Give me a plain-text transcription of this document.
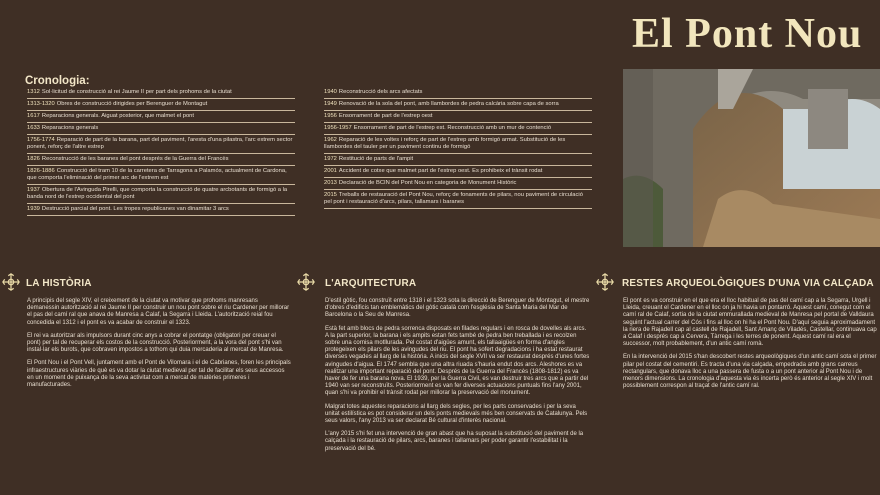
El Pont Nou
Cronologia:
1312 Sol·licitud de construcció al rei Jaume II per part dels prohoms de la ciutat
1313-1320 Obres de construcció dirigides per Berenguer de Montagut
1617 Reparacions generals. Aiguat posterior, que malmet el pont
1633 Reparacions generals
1756-1774 Reparació de part de la barana, part del paviment, l'aresta d'una pilastra, l'arc extrem sector ponent, reforç de l'altre estrep
1826 Reconstrucció de les baranes del pont després de la Guerra del Francès
1826-1886 Construcció del tram 10 de la carretera de Tarragona a Palamós, actualment de Cardona, que comporta l'eliminació del primer arc de l'extrem est
1937 Obertura de l'Avinguda Pirelli, que comporta la construcció de quatre arcbotants de formigó a la banda nord de l'estrep occidental del pont
1939 Destrucció parcial del pont. Les tropes republicanes van dinamitar 3 arcs
1940 Reconstrucció dels arcs afectats
1949 Renovació de la sola del pont, amb llambordes de pedra calcària sobre capa de sorra
1956 Ensorrament de part de l'estrep oest
1956-1957 Ensorrament de part de l'estrep est. Reconstrucció amb un mur de contenció
1962 Reparació de les voltes i reforç de part de l'estrep amb formigó armat. Substitució de les llambordes del tauler per un paviment continu de formigó
1972 Restitució de parts de l'ampit
2001 Accident de cotxe que malmet part de l'estrep oest. Es prohibeix el trànsit rodat
2013 Declaració de BCIN del Pont Nou en categoria de Monument Històric
2015 Treballs de restauració del Pont Nou, reforç de fonaments de pilars, nou paviment de circulació pel pont i restauració d'arcs, pilars, tallamars i baranes
LA HISTÒRIA

A principis del segle XIV, el creixement de la ciutat va motivar que prohoms manresans demanessin autorització al rei Jaume II per construir un nou pont sobre el riu Cardener per millorar el pas del camí ral que anava de Manresa a Calaf, la Segarra i Lleida. L'autorització reial fou concedida el 1312 i el pont es va acabar de construir el 1323.

El rei va autoritzar als impulsors durant cinc anys a cobrar el pontatge (obligatori per creuar el pont) per tal de recuperar els costos de la construcció. Posteriorment, a la vora del pont s'hi van instal·lar els burots, que cobraven impostos a tothom qui duia mercaderia al mercat de Manresa.

El Pont Nou i el Pont Vell, juntament amb el Pont de Vilomara i el de Cabrianes, foren les principals infraestructures viàries de què es va dotar la ciutat medieval per tal de facilitar els seus accessos en un moment de puixança de la seva activitat com a mercat de matèries primeres i manufacturades.

L'ARQUITECTURA

D'estil gòtic, fou construït entre 1318 i el 1323 sota la direcció de Berenguer de Montagut, el mestre d'obres d'edificis tan emblemàtics del gòtic català com l'església de Santa Maria del Mar de Barcelona o la Seu de Manresa.

Està fet amb blocs de pedra sorrenca disposats en filades regulars i en rosca de dovelles als arcs. A la part superior, la barana i els ampits estan fets també de pedra ben treballada i es recolzen sobre una cornisa motllurada. Pel costat d'aigües amunt, els tallaaigües en forma d'angles protegeixen els pilars de les avingudes del riu. El pont ha sofert degradacions i ha estat restaurat diverses vegades al llarg de la història. A inicis del segle XVII va ser restaurat després d'unes fortes avingudes d'aigua. El 1747 sembla que una altra riuada s'hauria endut dos arcs. Aleshores es va realitzar una important reparació del pont. Després de la Guerra del Francès (1808-1812) es va haver de fer una barana nova. El 1939, per la Guerra Civil, es van destruir tres arcs que a partir del 1940 van ser reconstruïts. Posteriorment es van fer diverses actuacions puntuals fins l'any 2001, quan s'hi va prohibir el trànsit rodat per millorar la preservació del monument.

Malgrat totes aquestes reparacions al llarg dels segles, per les parts conservades i per la seva unitat estilística es pot considerar un dels ponts medievals més ben conservats de Catalunya. Pels seus valors, l'any 2013 va ser declarat Bé cultural d'interès nacional.

L'any 2015 s'hi fet una intervenció de gran abast que ha suposat la substitució del paviment de la calçada i la restauració de pilars, arcs, baranes i tallamars per poder garantir l'estabilitat i la preservació del bé.

RESTES ARQUEOLÒGIQUES D'UNA VIA CALÇADA

El pont es va construir en el que era el lloc habitual de pas del camí cap a la Segarra, Urgell i Lleida, creuant el Cardener en el lloc on ja hi havia un pontarró. Aquest camí, conegut com el camí ral de Calaf, sortia de la ciutat emmurallada medieval de Manresa pel portal de Valldaura seguint l'actual carrer del Cós i fins al lloc on hi ha el Pont Nou. D'aquí seguia aproximadament la riera de Rajadell cap al castell de Rajadell, Sant Amanç de Viladés, Castellar, continuava cap a Calaf i després cap a Cervera, Tàrrega i les terres de ponent. Aquest camí ral era el successor, molt probablement, d'un antic camí romà.

En la intervenció del 2015 s'han descobert restes arqueològiques d'un antic camí sota el primer pilar pel costat del cementiri. Es tracta d'una via calçada, empedrada amb grans carreus rectangulars, que donava lloc a una passera de fusta o a un pont anterior al Pont Nou i de menors dimensions. La cronologia d'aquesta via és incerta però és anterior al segle XIV i molt possiblement correspon al traçat de l'antic camí ral.
